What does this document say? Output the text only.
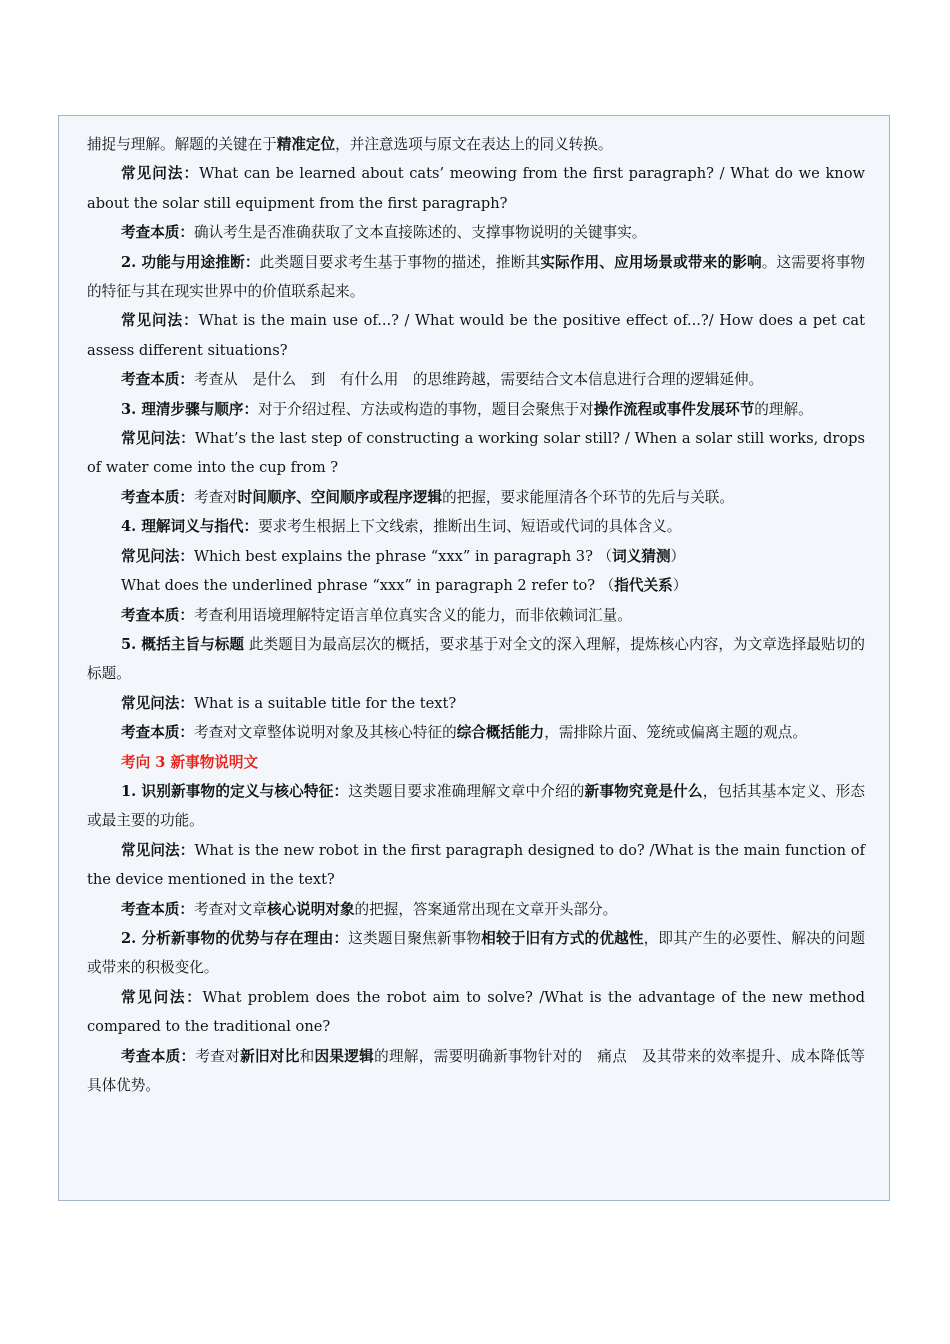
捕捉与理解。解题的关键在于精准定位，并注意选项与原文在表达上的同义转换。

常见问法：What can be learned about cats’ meowing from the first paragraph? / What do we know about the solar still equipment from the first paragraph?

考查本质：确认考生是否准确获取了文本直接陈述的、支撑事物说明的关键事实。

2. 功能与用途推断：此类题目要求考生基于事物的描述，推断其实际作用、应用场景或带来的影响。这需要将事物的特征与其在现实世界中的价值联系起来。

常见问法：What is the main use of...? / What would be the positive effect of...?/ How does a pet cat assess different situations?

考查本质：考查从　是什么　到　有什么用　的思维跨越，需要结合文本信息进行合理的逻辑延伸。

3. 理清步骤与顺序：对于介绍过程、方法或构造的事物，题目会聚焦于对操作流程或事件发展环节的理解。

常见问法：What’s the last step of constructing a working solar still? / When a solar still works, drops of water come into the cup from ?

考查本质：考查对时间顺序、空间顺序或程序逻辑的把握，要求能厘清各个环节的先后与关联。

4. 理解词义与指代：要求考生根据上下文线索，推断出生词、短语或代词的具体含义。

常见问法：Which best explains the phrase “xxx” in paragraph 3? （词义猜测）

What does the underlined phrase “xxx” in paragraph 2 refer to? （指代关系）

考查本质：考查利用语境理解特定语言单位真实含义的能力，而非依赖词汇量。

5. 概括主旨与标题 此类题目为最高层次的概括，要求基于对全文的深入理解，提炼核心内容，为文章选择最贴切的标题。

常见问法：What is a suitable title for the text?

考查本质：考查对文章整体说明对象及其核心特征的综合概括能力，需排除片面、笼统或偏离主题的观点。

考向 3 新事物说明文

1. 识别新事物的定义与核心特征：这类题目要求准确理解文章中介绍的新事物究竟是什么，包括其基本定义、形态或最主要的功能。

常见问法：What is the new robot in the first paragraph designed to do? /What is the main function of the device mentioned in the text?

考查本质：考查对文章核心说明对象的把握，答案通常出现在文章开头部分。

2. 分析新事物的优势与存在理由：这类题目聚焦新事物相较于旧有方式的优越性，即其产生的必要性、解决的问题或带来的积极变化。

常见问法：What problem does the robot aim to solve? /What is the advantage of the new method compared to the traditional one?

考查本质：考查对新旧对比和因果逻辑的理解，需要明确新事物针对的　痛点　及其带来的效率提升、成本降低等具体优势。
